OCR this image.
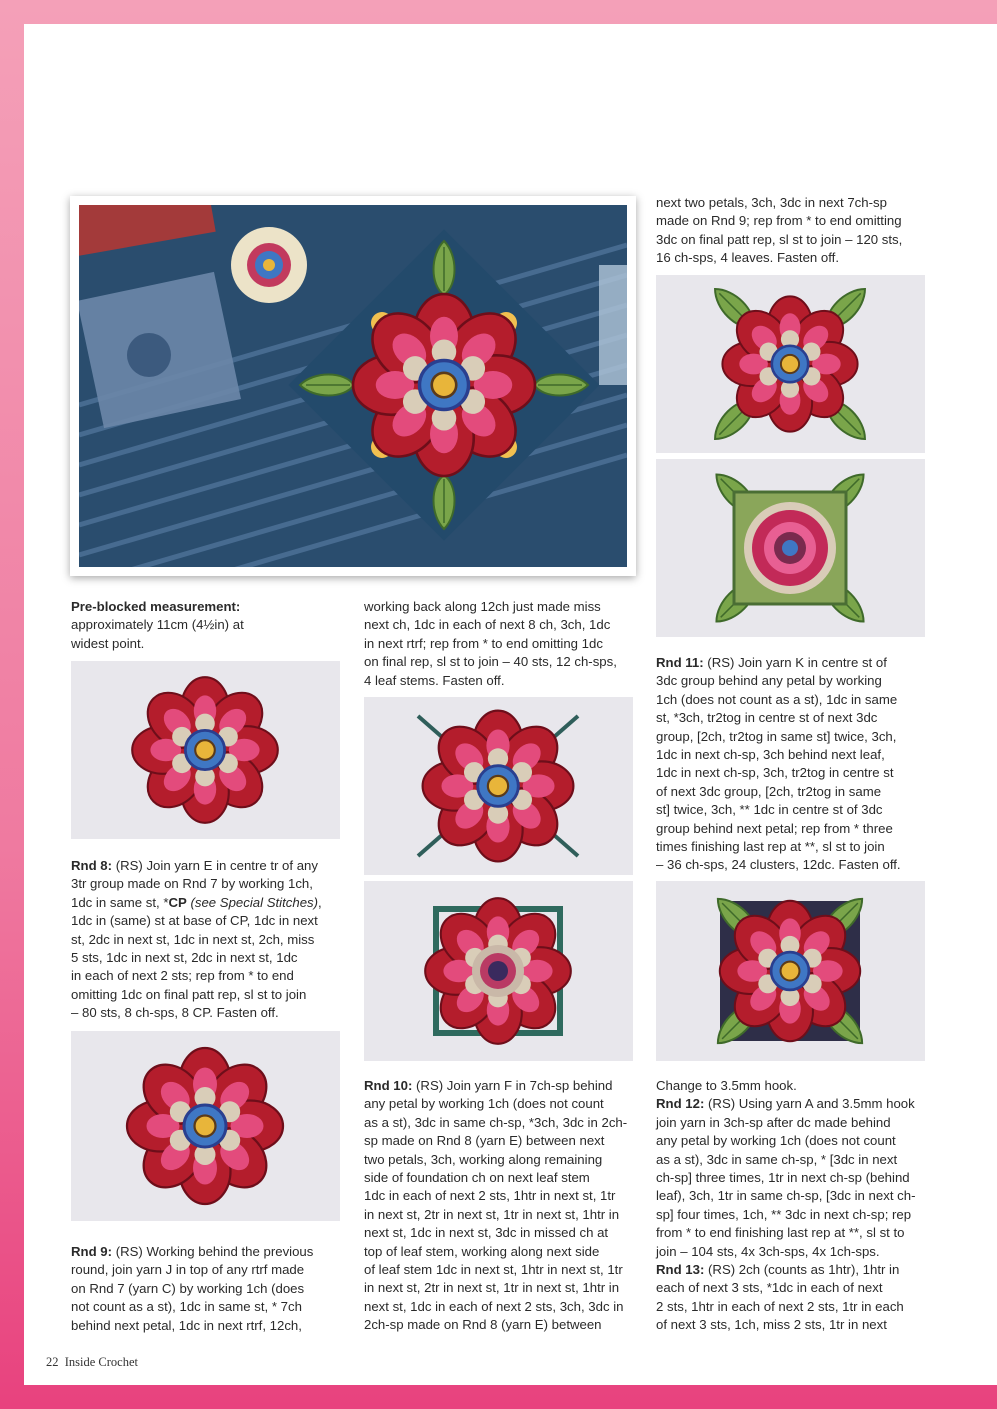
Pre-blocked measurement:
approximately 11cm (4½in) at
widest point.
Rnd 8: (RS) Join yarn E in centre tr of any
3tr group made on Rnd 7 by working 1ch,
1dc in same st, *CP (see Special Stitches),
1dc in (same) st at base of CP, 1dc in next
st, 2dc in next st, 1dc in next st, 2ch, miss
5 sts, 1dc in next st, 2dc in next st, 1dc
in each of next 2 sts; rep from * to end
omitting 1dc on final patt rep, sl st to join
– 80 sts, 8 ch-sps, 8 CP. Fasten off.
Rnd 9: (RS) Working behind the previous
round, join yarn J in top of any rtrf made
on Rnd 7 (yarn C) by working 1ch (does
not count as a st), 1dc in same st, * 7ch
behind next petal, 1dc in next rtrf, 12ch,
working back along 12ch just made miss
next ch, 1dc in each of next 8 ch, 3ch, 1dc
in next rtrf; rep from * to end omitting 1dc
on final rep, sl st to join – 40 sts, 12 ch-sps,
4 leaf stems. Fasten off.
Rnd 10: (RS) Join yarn F in 7ch-sp behind
any petal by working 1ch (does not count
as a st), 3dc in same ch-sp, *3ch, 3dc in 2ch-
sp made on Rnd 8 (yarn E) between next
two petals, 3ch, working along remaining
side of foundation ch on next leaf stem
1dc in each of next 2 sts, 1htr in next st, 1tr
in next st, 2tr in next st, 1tr in next st, 1htr in
next st, 1dc in next st, 3dc in missed ch at
top of leaf stem, working along next side
of leaf stem 1dc in next st, 1htr in next st, 1tr
in next st, 2tr in next st, 1tr in next st, 1htr in
next st, 1dc in each of next 2 sts, 3ch, 3dc in
2ch-sp made on Rnd 8 (yarn E) between
next two petals, 3ch, 3dc in next 7ch-sp
made on Rnd 9; rep from * to end omitting
3dc on final patt rep, sl st to join – 120 sts,
16 ch-sps, 4 leaves. Fasten off.
Rnd 11: (RS) Join yarn K in centre st of
3dc group behind any petal by working
1ch (does not count as a st), 1dc in same
st, *3ch, tr2tog in centre st of next 3dc
group, [2ch, tr2tog in same st] twice, 3ch,
1dc in next ch-sp, 3ch behind next leaf,
1dc in next ch-sp, 3ch, tr2tog in centre st
of next 3dc group, [2ch, tr2tog in same
st] twice, 3ch, ** 1dc in centre st of 3dc
group behind next petal; rep from * three
times finishing last rep at **, sl st to join
– 36 ch-sps, 24 clusters, 12dc. Fasten off.
Change to 3.5mm hook.
Rnd 12: (RS) Using yarn A and 3.5mm hook
join yarn in 3ch-sp after dc made behind
any petal by working 1ch (does not count
as a st), 3dc in same ch-sp, * [3dc in next
ch-sp] three times, 1tr in next ch-sp (behind
leaf), 3ch, 1tr in same ch-sp, [3dc in next ch-
sp] four times, 1ch, ** 3dc in next ch-sp; rep
from * to end finishing last rep at **, sl st to
join – 104 sts, 4x 3ch-sps, 4x 1ch-sps.
Rnd 13: (RS) 2ch (counts as 1htr), 1htr in
each of next 3 sts, *1dc in each of next
2 sts, 1htr in each of next 2 sts, 1tr in each
of next 3 sts, 1ch, miss 2 sts, 1tr in next
22 Inside Crochet
